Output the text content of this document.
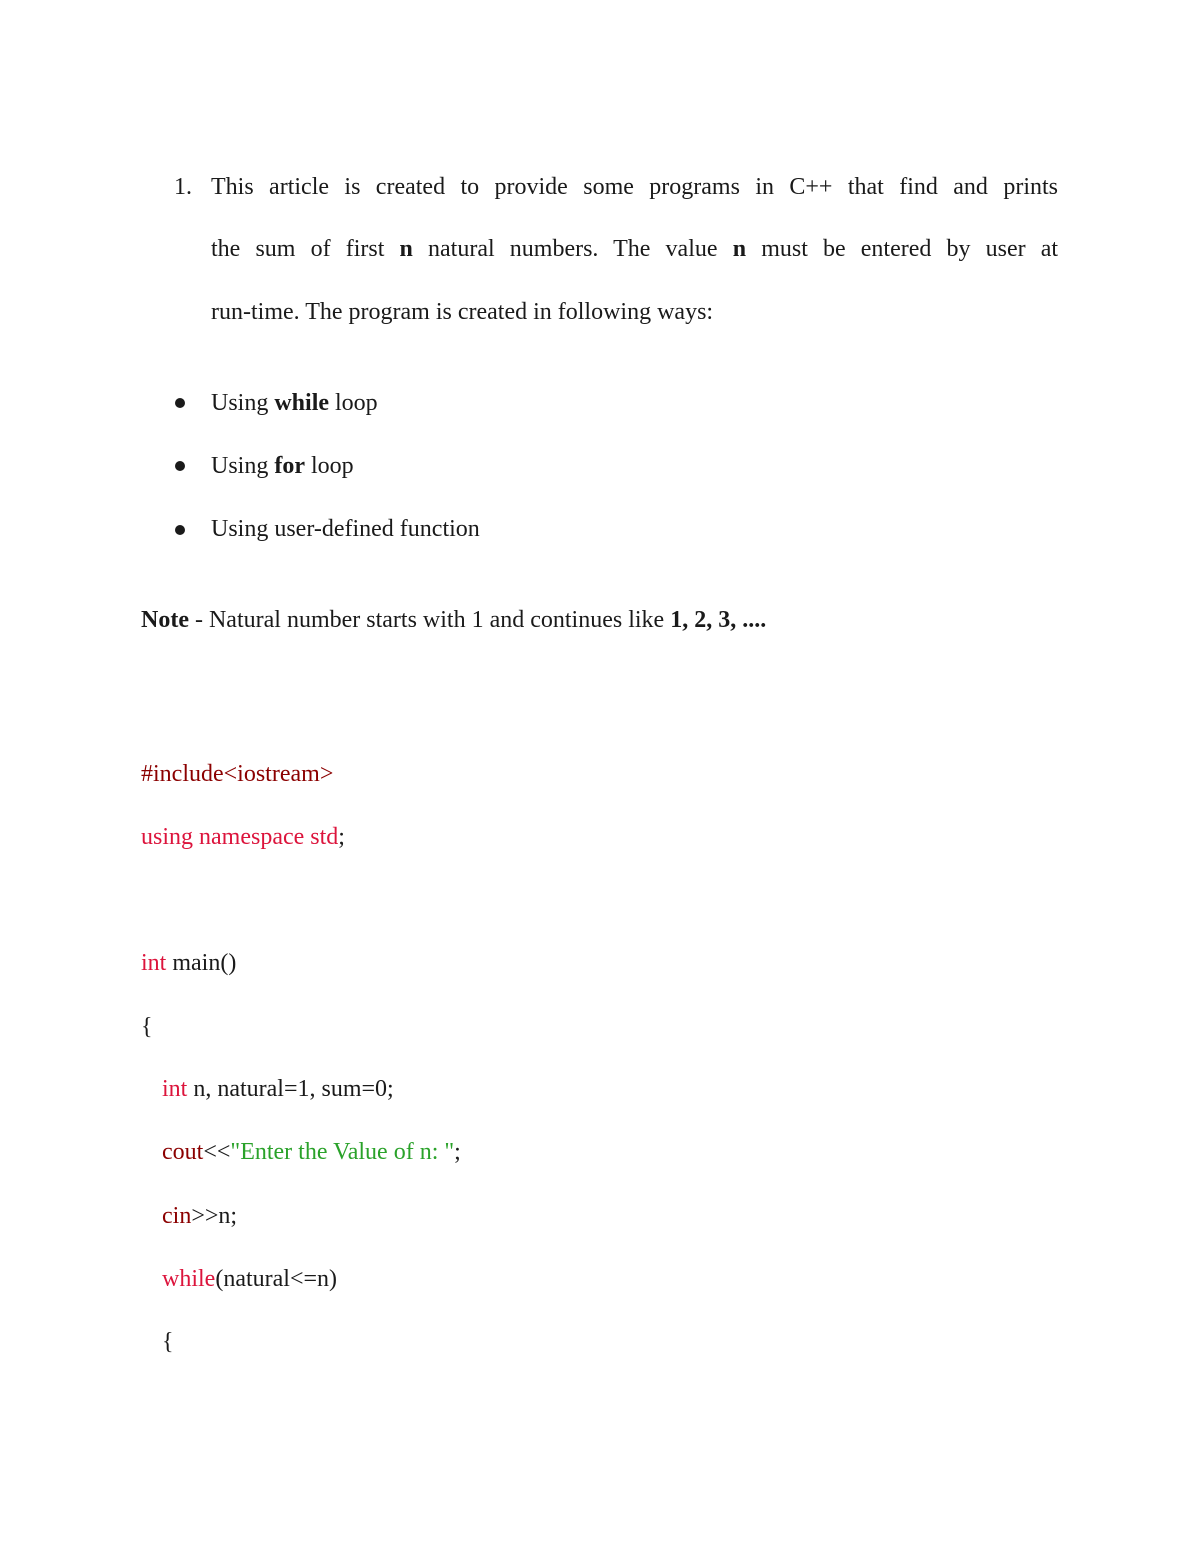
1. This article is created to provide some programs in C++ that find and prints
the sum of first n natural numbers. The value n must be entered by user at
run-time. The program is created in following ways:
Using while loop
Using for loop
Using user-defined function
Note - Natural number starts with 1 and continues like 1, 2, 3, ....
#include<iostream>
using namespace std;
int main()
{
int n, natural=1, sum=0;
cout<<"Enter the Value of n: ";
cin>>n;
while(natural<=n)
{
